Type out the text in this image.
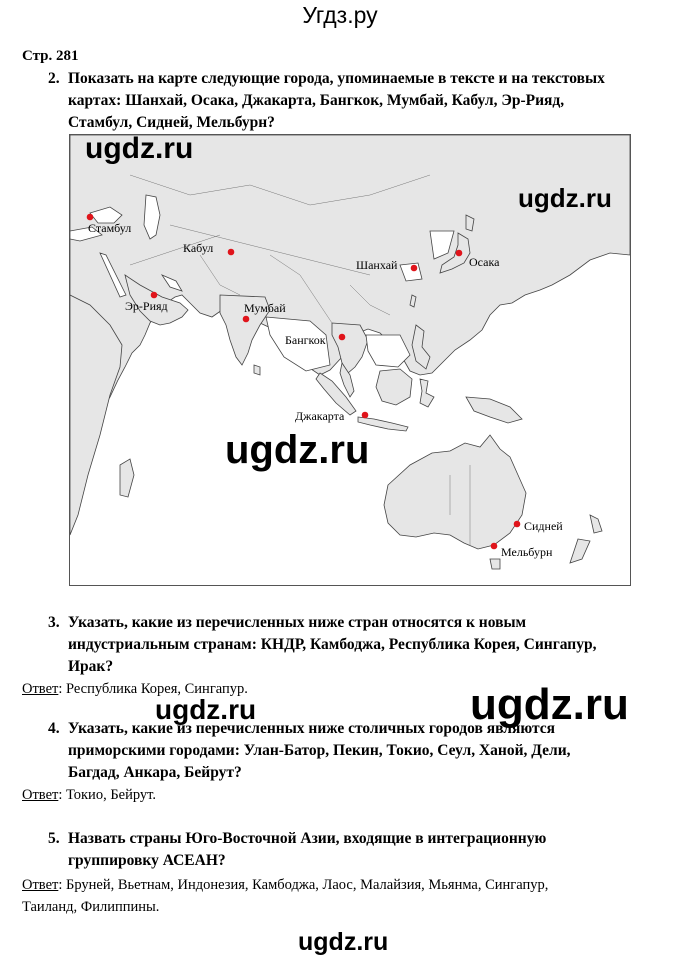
Угдз.ру
Стр. 281
2. Показать на карте следующие города, упоминаемые в тексте и на текстовых
картах: Шанхай, Осака, Джакарта, Бангкок, Мумбай, Кабул, Эр-Рияд,
Стамбул, Сидней, Мельбурн?
Стамбул
Кабул
Эр-Рияд	Мумбай
Бангкок
Шанхай	Осака
Джакарта
Сидней
Мельбурн
3. Указать, какие из перечисленных ниже стран относятся к новым
индустриальным странам: КНДР, Камбоджа, Республика Корея, Сингапур,
Ирак?
Ответ: Республика Корея, Сингапур.
4. Указать, какие из перечисленных ниже столичных городов являются
приморскими городами: Улан-Батор, Пекин, Токио, Сеул, Ханой, Дели,
Багдад, Анкара, Бейрут?
Ответ: Токио, Бейрут.
5. Назвать страны Юго-Восточной Азии, входящие в интеграционную
группировку АСЕАН?
Ответ: Бруней, Вьетнам, Индонезия, Камбоджа, Лаос, Малайзия, Мьянма, Сингапур,
Таиланд, Филиппины.
ugdz.ru
ugdz.ru
ugdz.ru
ugdz.ru
ugdz.ru
ugdz.ru
